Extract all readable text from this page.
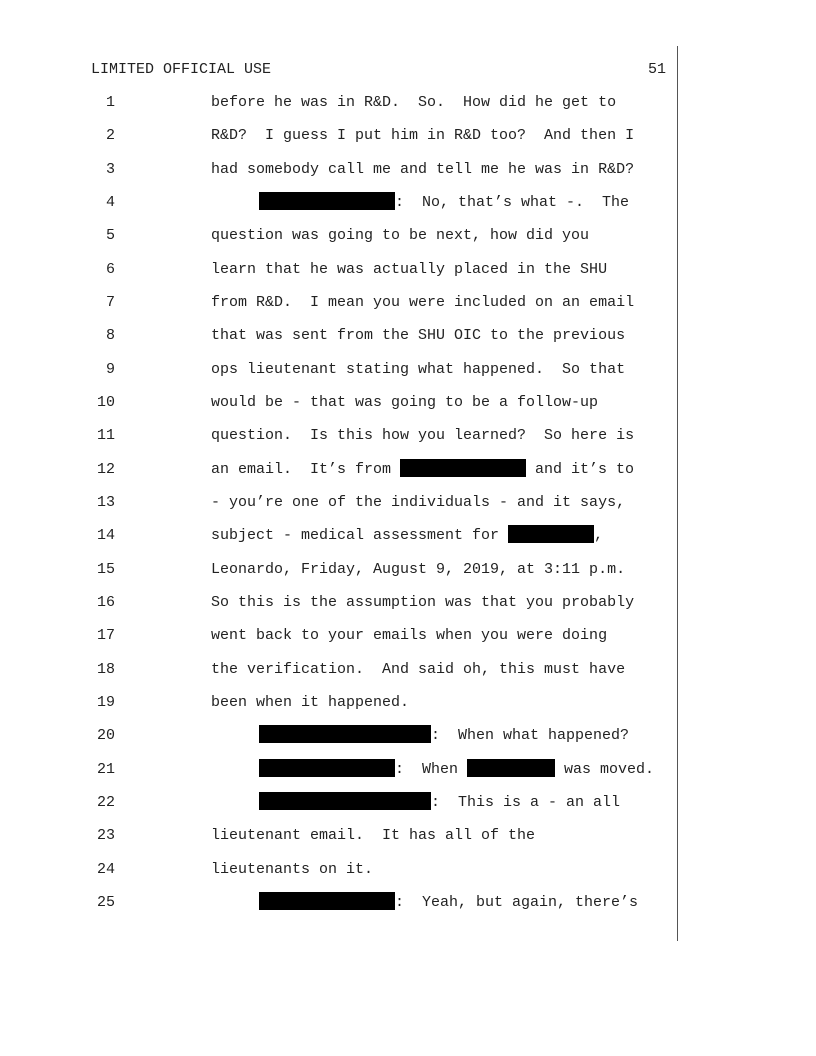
LIMITED OFFICIAL USE	51
1	before he was in R&D.  So.  How did he get to
2	R&D?  I guess I put him in R&D too?  And then I
3	had somebody call me and tell me he was in R&D?
4	:  No, that’s what -.  The
5	question was going to be next, how did you
6	learn that he was actually placed in the SHU
7	from R&D.  I mean you were included on an email
8	that was sent from the SHU OIC to the previous
9	ops lieutenant stating what happened.  So that
10	would be - that was going to be a follow-up
11	question.  Is this how you learned?  So here is
12	an email.  It’s from	and it’s to
13	- you’re one of the individuals - and it says,
14	subject - medical assessment for	,
15	Leonardo, Friday, August 9, 2019, at 3:11 p.m.
16	So this is the assumption was that you probably
17	went back to your emails when you were doing
18	the verification.  And said oh, this must have
19	been when it happened.
20	:  When what happened?
21	:  When	was moved.
22	:  This is a - an all
23	lieutenant email.  It has all of the
24	lieutenants on it.
25	:  Yeah, but again, there’s
